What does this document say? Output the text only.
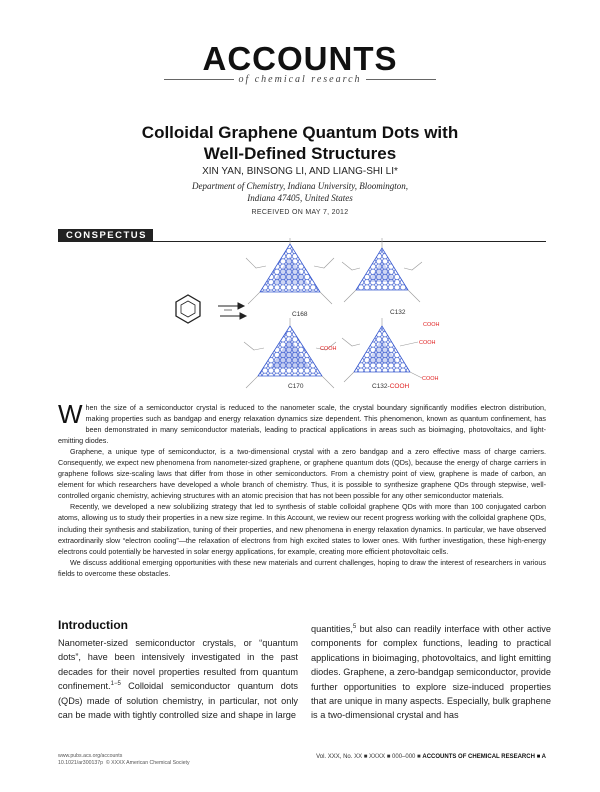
ACCOUNTS
of chemical research
Colloidal Graphene Quantum Dots with
Well-Defined Structures
XIN YAN, BINSONG LI, AND LIANG-SHI LI*
Department of Chemistry, Indiana University, Bloomington,
Indiana 47405, United States
RECEIVED ON MAY 7, 2012
CONSPECTUS
C168	C132
C170
COOH
COOH
COOH
COOH
C132-COOH

When the size of a semiconductor crystal is reduced to the nanometer scale, the crystal boundary significantly modifies electron distribution, making properties such as bandgap and energy relaxation dynamics size dependent. This phenomenon, known as quantum confinement, has been demonstrated in many semiconductor materials, leading to practical applications in areas such as bioimaging, photovoltaics, and light-emitting diodes.

Graphene, a unique type of semiconductor, is a two-dimensional crystal with a zero bandgap and a zero effective mass of charge carriers. Consequently, we expect new phenomena from nanometer-sized graphene, or graphene quantum dots (QDs), because the energy of charge carriers in graphene follows size-scaling laws that differ from those in other semiconductors. From a chemistry point of view, graphene is made of carbon, an element for which researchers have developed a whole branch of chemistry. Thus, it is possible to synthesize graphene QDs through stepwise, well-controlled organic chemistry, achieving structures with an atomic precision that has not been possible for any other semiconductor materials.

Recently, we developed a new solubilizing strategy that led to synthesis of stable colloidal graphene QDs with more than 100 conjugated carbon atoms, allowing us to study their properties in a new size regime. In this Account, we review our recent progress working with the colloidal graphene QDs, including their synthesis and stabilization, tuning of their properties, and new phenomena in energy relaxation dynamics. In particular, we have observed extraordinarily slow “electron cooling”—the relaxation of electrons from high excited states to lower ones. With further investigation, these high-energy electrons could potentially be harvested in solar energy applications, for example, creating more efficient photovoltaic cells.

We discuss additional emerging opportunities with these new materials and current challenges, hoping to draw the interest of researchers in various fields to overcome these obstacles.

Introduction

Nanometer-sized semiconductor crystals, or “quantum dots”, have been intensively investigated in the past decades for their novel properties resulted from quantum confinement.$^{1-5}$ Colloidal semiconductor quantum dots (QDs) made of solution chemistry, in particular, not only can be made with tightly controlled size and shape in large

quantities,$^5$ but also can readily interface with other active components for complex functions, leading to practical applications in bioimaging, photovoltaics, and light emitting diodes. Graphene, a zero-bandgap semiconductor, provide further opportunities to explore size-induced properties that are unique in many aspects. Especially, bulk graphene is a two-dimensional crystal and has

www.pubs.acs.org/accounts
10.1021/ar300137p © XXXX American Chemical Society
Vol. XXX, No. XX ■ XXXX ■ 000–000 ■ ACCOUNTS OF CHEMICAL RESEARCH ■ A
